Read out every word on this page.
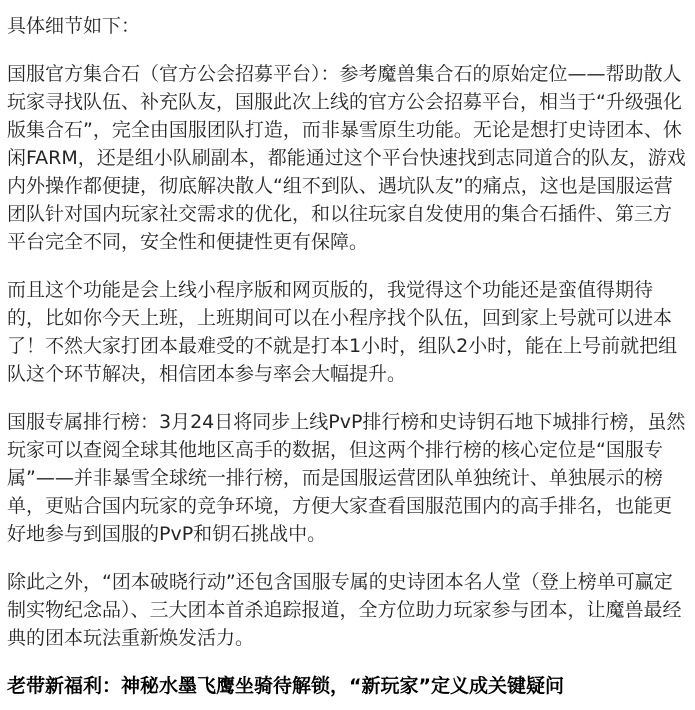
具体细节如下：

国服官方集合石（官方公会招募平台）：参考魔兽集合石的原始定位——帮助散人玩家寻找队伍、补充队友，国服此次上线的官方公会招募平台，相当于“升级强化版集合石”，完全由国服团队打造，而非暴雪原生功能。无论是想打史诗团本、休闲FARM，还是组小队刷副本，都能通过这个平台快速找到志同道合的队友，游戏内外操作都便捷，彻底解决散人“组不到队、遇坑队友”的痛点，这也是国服运营团队针对国内玩家社交需求的优化，和以往玩家自发使用的集合石插件、第三方平台完全不同，安全性和便捷性更有保障。

而且这个功能是会上线小程序版和网页版的，我觉得这个功能还是蛮值得期待的，比如你今天上班，上班期间可以在小程序找个队伍，回到家上号就可以进本了！不然大家打团本最难受的不就是打本1小时，组队2小时，能在上号前就把组队这个环节解决，相信团本参与率会大幅提升。

国服专属排行榜：3月24日将同步上线PvP排行榜和史诗钥石地下城排行榜，虽然玩家可以查阅全球其他地区高手的数据，但这两个排行榜的核心定位是“国服专属”——并非暴雪全球统一排行榜，而是国服运营团队单独统计、单独展示的榜单，更贴合国内玩家的竞争环境，方便大家查看国服范围内的高手排名，也能更好地参与到国服的PvP和钥石挑战中。

除此之外，“团本破晓行动”还包含国服专属的史诗团本名人堂（登上榜单可赢定制实物纪念品）、三大团本首杀追踪报道，全方位助力玩家参与团本，让魔兽最经典的团本玩法重新焕发活力。

老带新福利：神秘水墨飞鹰坐骑待解锁，“新玩家”定义成关键疑问
